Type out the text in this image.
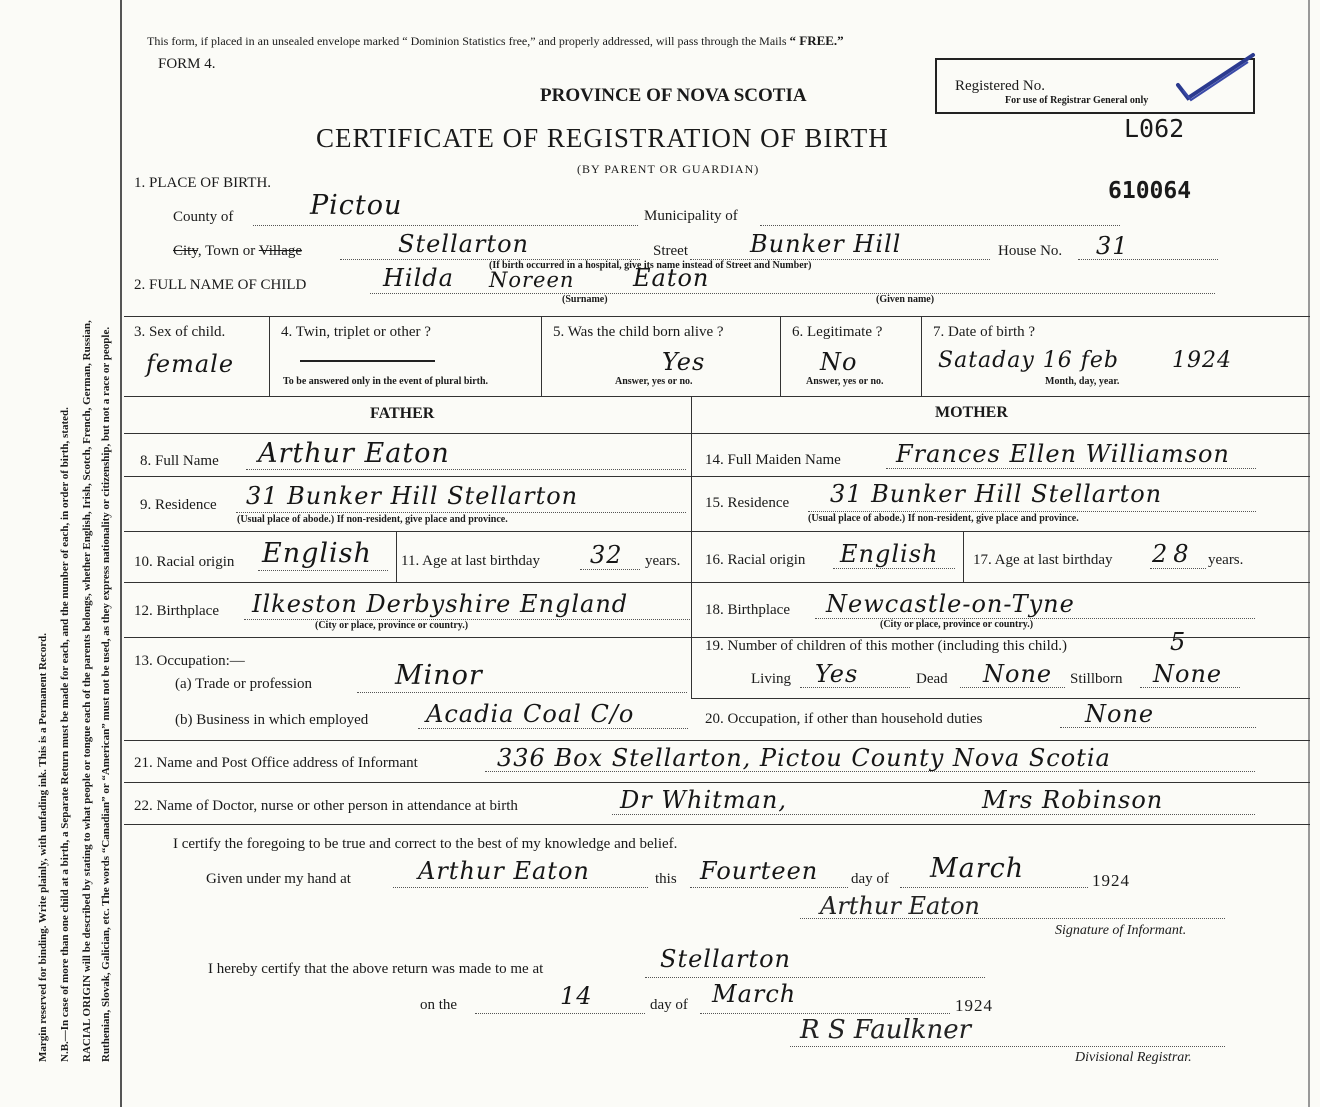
Margin reserved for binding. Write plainly, with unfading ink. This is a Permanent Record. N.B.—In case of more than one child at a birth, a Separate Return must be made for each, and the number of each, in order of birth, stated. RACIAL ORIGIN will be described by stating to what people or tongue each of the parents belongs, whether English, Irish, Scotch, French, German, Russian, Ruthenian, Slovak, Galician, etc. The words “Canadian” or “American” must not be used, as they express nationality or citizenship, but not a race or people.
This form, if placed in an unsealed envelope marked “ Dominion Statistics free,” and properly addressed, will pass through the Mails “ FREE.”
FORM 4.
PROVINCE OF NOVA SCOTIA
CERTIFICATE OF REGISTRATION OF BIRTH
(BY PARENT OR GUARDIAN)
Registered No.
For use of Registrar General only
L062
610064
1. PLACE OF BIRTH.
County of	Pictou	Municipality of
City, Town or Village	Stellarton	Street	Bunker Hill	House No. 31
(If birth occurred in a hospital, give its name instead of Street and Number)
2. FULL NAME OF CHILD	Hilda Noreen Eaton
(Surname)	(Given name)
3. Sex of child.
female
4. Twin, triplet or other ?
To be answered only in the event of plural birth.
5. Was the child born alive ?
Yes
Answer, yes or no.
6. Legitimate ?
No
Answer, yes or no.
7. Date of birth ?
Sataday 16 feb 1924
Month, day, year.
FATHER	MOTHER
8. Full Name Arthur Eaton
9. Residence 31 Bunker Hill Stellarton
(Usual place of abode.) If non-resident, give place and province.
10. Racial origin English 11. Age at last birthday 32 years.
12. Birthplace Ilkeston Derbyshire England
(City or place, province or country.)
13. Occupation:—
(a) Trade or profession	Minor
(b) Business in which employed Acadia Coal C/o
14. Full Maiden Name Frances Ellen Williamson
15. Residence 31 Bunker Hill Stellarton
(Usual place of abode.) If non-resident, give place and province.
16. Racial origin English 17. Age at last birthday 28 years.
18. Birthplace Newcastle-on-Tyne
(City or place, province or country.)
19. Number of children of this mother (including this child.)	5
Living Yes	Dead None Stillborn None
20. Occupation, if other than household duties	None
21. Name and Post Office address of Informant	336 Box Stellarton, Pictou County Nova Scotia
22. Name of Doctor, nurse or other person in attendance at birth	Dr Whitman,	Mrs Robinson
I certify the foregoing to be true and correct to the best of my knowledge and belief.
Given under my hand at	Arthur Eaton	this Fourteen day of March	1924
Arthur Eaton
Signature of Informant.
I hereby certify that the above return was made to me at	Stellarton
on the	14	day of March	1924
R S Faulkner
Divisional Registrar.
